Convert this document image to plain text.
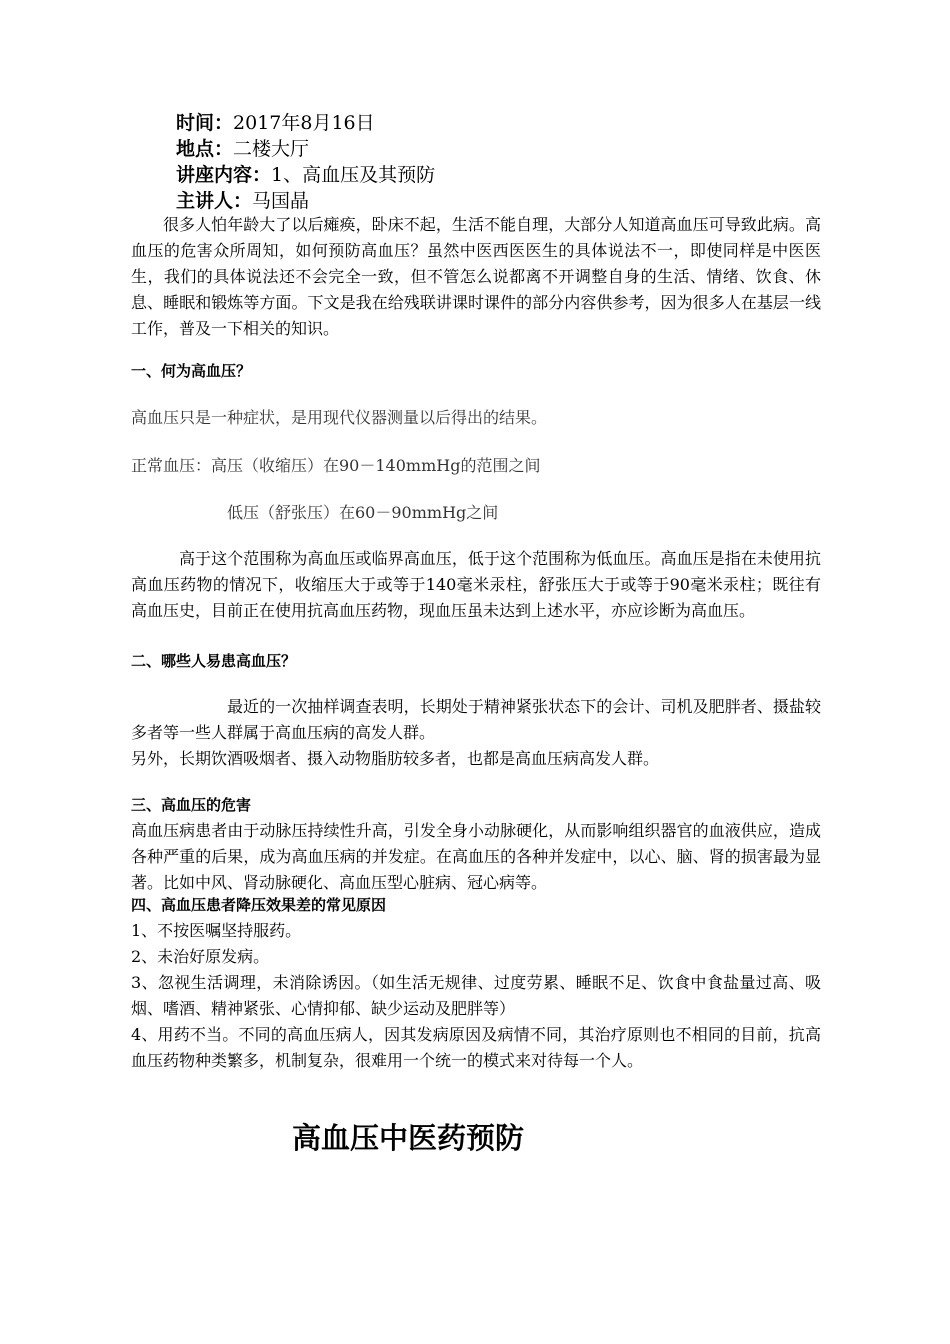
时间：2017年8月16日
地点：二楼大厅
讲座内容：1、高血压及其预防
主讲人：马国晶

很多人怕年龄大了以后瘫痪，卧床不起，生活不能自理，大部分人知道高血压可导致此病。高血压的危害众所周知，如何预防高血压？虽然中医西医医生的具体说法不一，即使同样是中医医生，我们的具体说法还不会完全一致，但不管怎么说都离不开调整自身的生活、情绪、饮食、休息、睡眠和锻炼等方面。下文是我在给残联讲课时课件的部分内容供参考，因为很多人在基层一线工作，普及一下相关的知识。

一、何为高血压？

高血压只是一种症状，是用现代仪器测量以后得出的结果。

正常血压：高压（收缩压）在90－140mmHg的范围之间

低压（舒张压）在60－90mmHg之间

高于这个范围称为高血压或临界高血压，低于这个范围称为低血压。高血压是指在未使用抗高血压药物的情况下，收缩压大于或等于140毫米汞柱，舒张压大于或等于90毫米汞柱；既往有高血压史，目前正在使用抗高血压药物，现血压虽未达到上述水平，亦应诊断为高血压。

二、哪些人易患高血压？

最近的一次抽样调查表明，长期处于精神紧张状态下的会计、司机及肥胖者、摄盐较多者等一些人群属于高血压病的高发人群。

另外，长期饮酒吸烟者、摄入动物脂肪较多者，也都是高血压病高发人群。

三、高血压的危害

高血压病患者由于动脉压持续性升高，引发全身小动脉硬化，从而影响组织器官的血液供应，造成各种严重的后果，成为高血压病的并发症。在高血压的各种并发症中，以心、脑、肾的损害最为显著。比如中风、肾动脉硬化、高血压型心脏病、冠心病等。

四、高血压患者降压效果差的常见原因

1、不按医嘱坚持服药。

2、未治好原发病。

3、忽视生活调理，未消除诱因。（如生活无规律、过度劳累、睡眠不足、饮食中食盐量过高、吸烟、嗜酒、精神紧张、心情抑郁、缺少运动及肥胖等）

4、用药不当。不同的高血压病人，因其发病原因及病情不同，其治疗原则也不相同的目前，抗高血压药物种类繁多，机制复杂，很难用一个统一的模式来对待每一个人。

高血压中医药预防
